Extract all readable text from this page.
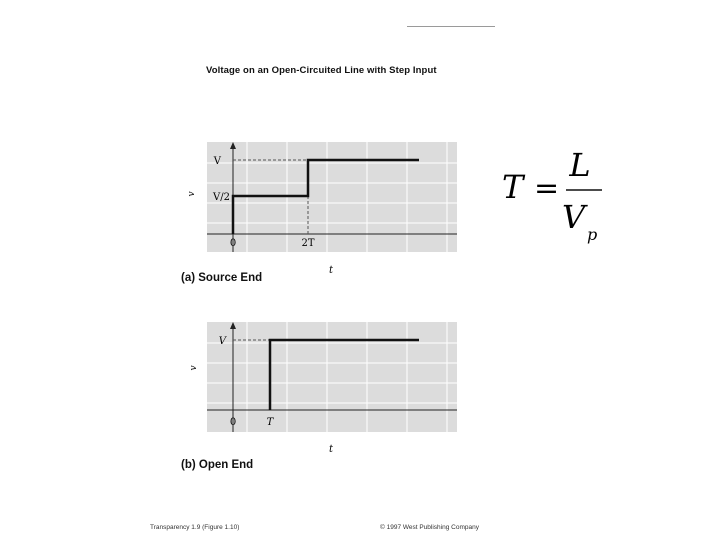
Voltage on an Open-Circuited Line with Step Input
V
V/2
0	2T
v
t
(a) Source End
V
0	T
v
t
(b) Open End
T =
L
V p
Transparency 1.9 (Figure 1.10)	© 1997 West Publishing Company
